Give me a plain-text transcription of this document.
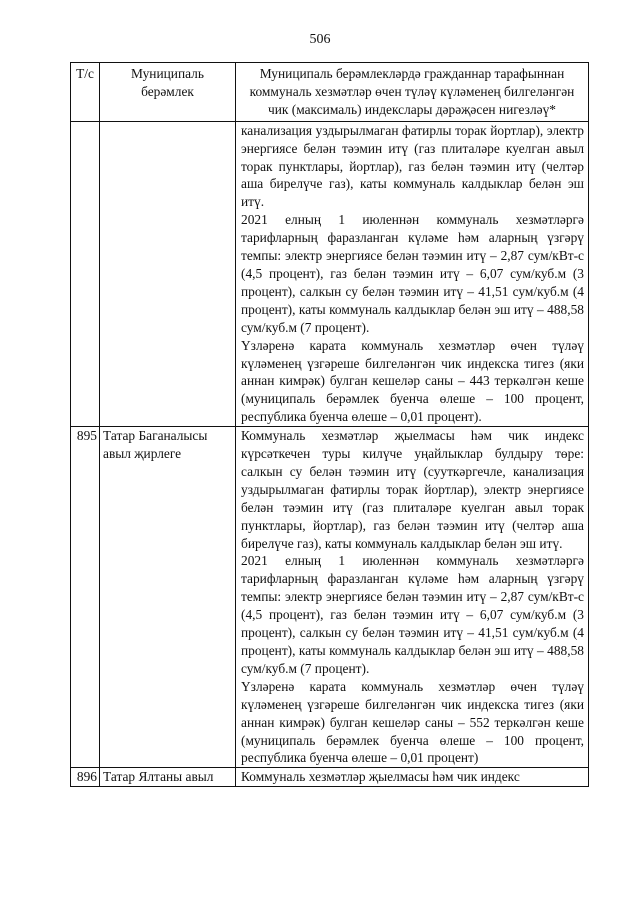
506
Т/с	Муниципаль берәмлек	Муниципаль берәмлекләрдә гражданнар тарафыннан коммуналь хезмәтләр өчен түләү күләменең билгеләнгән чик (максималь) индекслары дәрәҗәсен нигезләү*

		канализация уздырылмаган фатирлы торак йортлар), электр энергиясе белән тәэмин итү (газ плиталәре куелган авыл торак пунктлары, йортлар), газ белән тәэмин итү (челтәр аша бирелүче газ), каты коммуналь калдыклар белән эш итү.
2021 елның 1 июленнән коммуналь хезмәтләргә тарифларның фаразланган күләме һәм аларның үзгәрү темпы: электр энергиясе белән тәэмин итү – 2,87 сум/кВт-с (4,5 процент), газ белән тәэмин итү – 6,07 сум/куб.м (3 процент), салкын су белән тәэмин итү – 41,51 сум/куб.м (4 процент), каты коммуналь калдыклар белән эш итү – 488,58 сум/куб.м (7 процент).
Үзләренә карата коммуналь хезмәтләр өчен түләү күләменең үзгәреше билгеләнгән чик индекска тигез (яки аннан кимрәк) булган кешеләр саны – 443 теркәлгән кеше (муниципаль берәмлек буенча өлеше – 100 процент, республика буенча өлеше – 0,01 процент).

895	Татар Баганалысы авыл җирлеге	Коммуналь хезмәтләр җыелмасы һәм чик индекс күрсәткечен туры килүче уңайлыклар булдыру төре: салкын су белән тәэмин итү (сууткәргечле, канализация уздырылмаган фатирлы торак йортлар), электр энергиясе белән тәэмин итү (газ плиталәре куелган авыл торак пунктлары, йортлар), газ белән тәэмин итү (челтәр аша бирелүче газ), каты коммуналь калдыклар белән эш итү.
2021 елның 1 июленнән коммуналь хезмәтләргә тарифларның фаразланган күләме һәм аларның үзгәрү темпы: электр энергиясе белән тәэмин итү – 2,87 сум/кВт-с (4,5 процент), газ белән тәэмин итү – 6,07 сум/куб.м (3 процент), салкын су белән тәэмин итү – 41,51 сум/куб.м (4 процент), каты коммуналь калдыклар белән эш итү – 488,58 сум/куб.м (7 процент).
Үзләренә карата коммуналь хезмәтләр өчен түләү күләменең үзгәреше билгеләнгән чик индекска тигез (яки аннан кимрәк) булган кешеләр саны – 552 теркәлгән кеше (муниципаль берәмлек буенча өлеше – 100 процент, республика буенча өлеше – 0,01 процент)

896	Татар Ялтаны авыл	Коммуналь хезмәтләр җыелмасы һәм чик индекс
